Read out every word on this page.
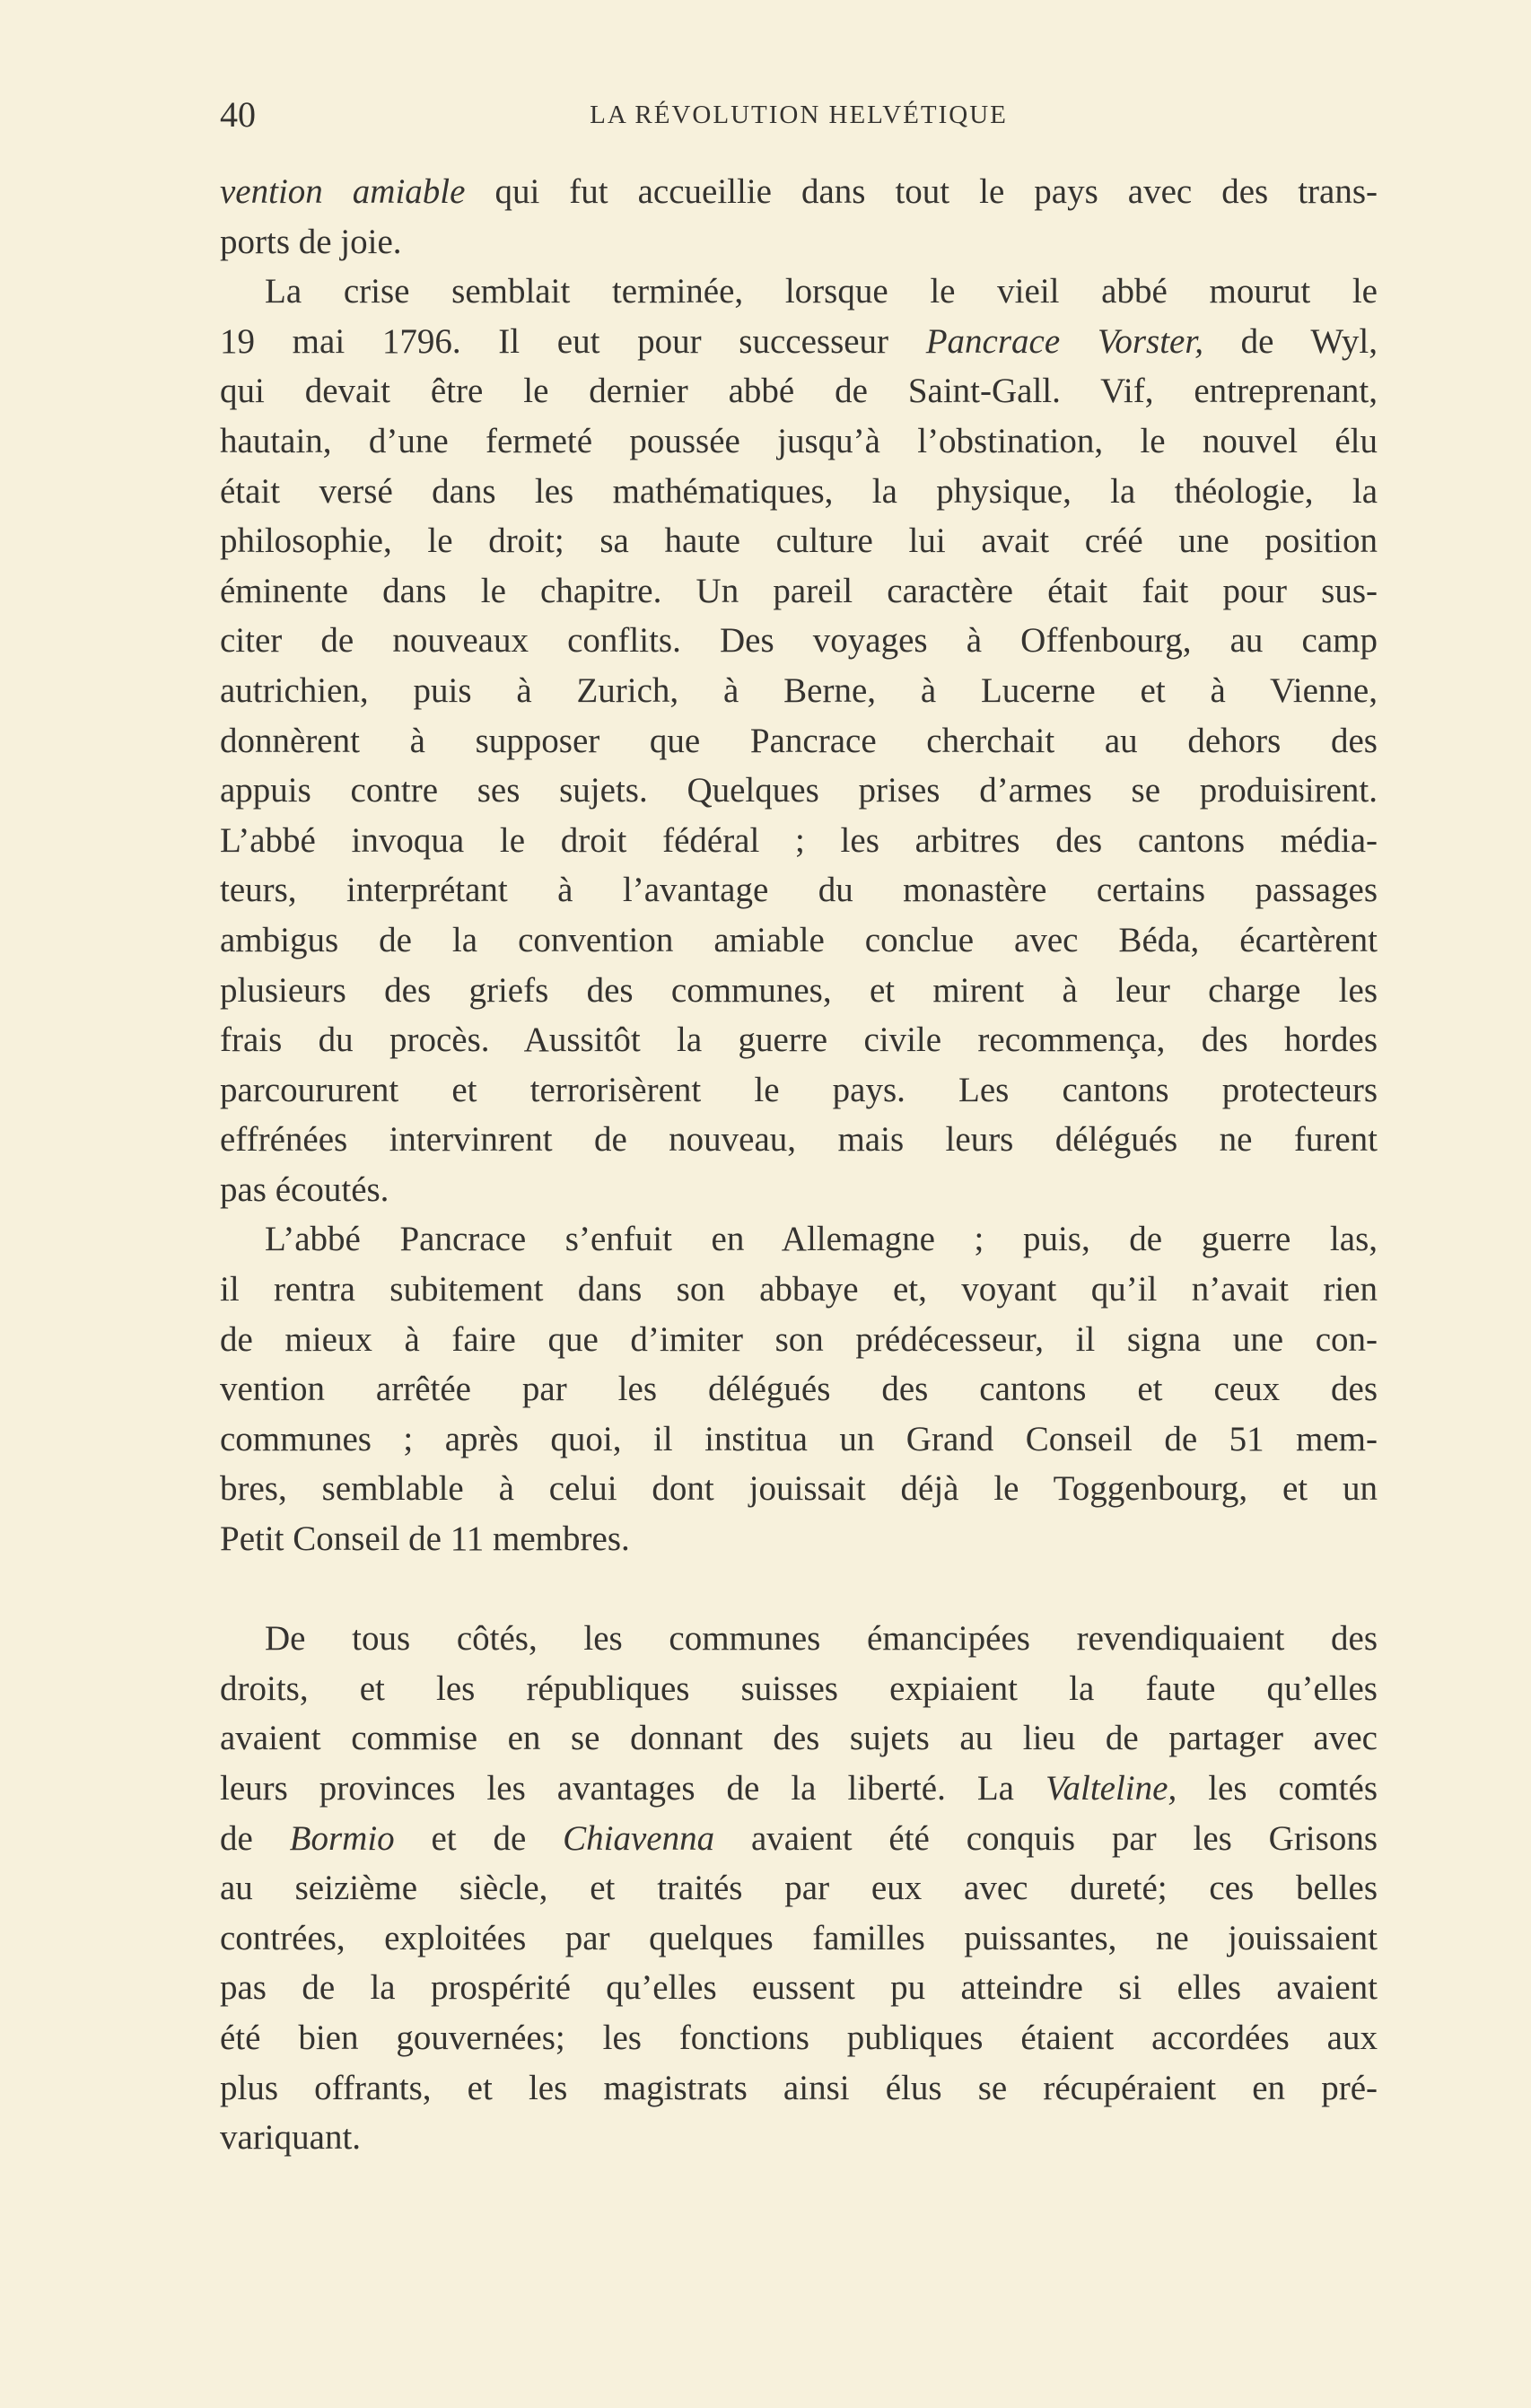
40	LA RÉVOLUTION HELVÉTIQUE
vention amiable qui fut accueillie dans tout le pays avec des trans-
ports de joie.
La crise semblait terminée, lorsque le vieil abbé mourut le
19 mai 1796. Il eut pour successeur Pancrace Vorster, de Wyl,
qui devait être le dernier abbé de Saint-Gall. Vif, entreprenant,
hautain, d’une fermeté poussée jusqu’à l’obstination, le nouvel élu
était versé dans les mathématiques, la physique, la théologie, la
philosophie, le droit; sa haute culture lui avait créé une position
éminente dans le chapitre. Un pareil caractère était fait pour sus-
citer de nouveaux conflits. Des voyages à Offenbourg, au camp
autrichien, puis à Zurich, à Berne, à Lucerne et à Vienne,
donnèrent à supposer que Pancrace cherchait au dehors des
appuis contre ses sujets. Quelques prises d’armes se produisirent.
L’abbé invoqua le droit fédéral ; les arbitres des cantons média-
teurs, interprétant à l’avantage du monastère certains passages
ambigus de la convention amiable conclue avec Béda, écartèrent
plusieurs des griefs des communes, et mirent à leur charge les
frais du procès. Aussitôt la guerre civile recommença, des hordes
parcoururent et terrorisèrent le pays. Les cantons protecteurs
effrénées intervinrent de nouveau, mais leurs délégués ne furent
pas écoutés.
L’abbé Pancrace s’enfuit en Allemagne ; puis, de guerre las,
il rentra subitement dans son abbaye et, voyant qu’il n’avait rien
de mieux à faire que d’imiter son prédécesseur, il signa une con-
vention arrêtée par les délégués des cantons et ceux des
communes ; après quoi, il institua un Grand Conseil de 51 mem-
bres, semblable à celui dont jouissait déjà le Toggenbourg, et un
Petit Conseil de 11 membres.
De tous côtés, les communes émancipées revendiquaient des
droits, et les républiques suisses expiaient la faute qu’elles
avaient commise en se donnant des sujets au lieu de partager avec
leurs provinces les avantages de la liberté. La Valteline, les comtés
de Bormio et de Chiavenna avaient été conquis par les Grisons
au seizième siècle, et traités par eux avec dureté; ces belles
contrées, exploitées par quelques familles puissantes, ne jouissaient
pas de la prospérité qu’elles eussent pu atteindre si elles avaient
été bien gouvernées; les fonctions publiques étaient accordées aux
plus offrants, et les magistrats ainsi élus se récupéraient en pré-
variquant.
